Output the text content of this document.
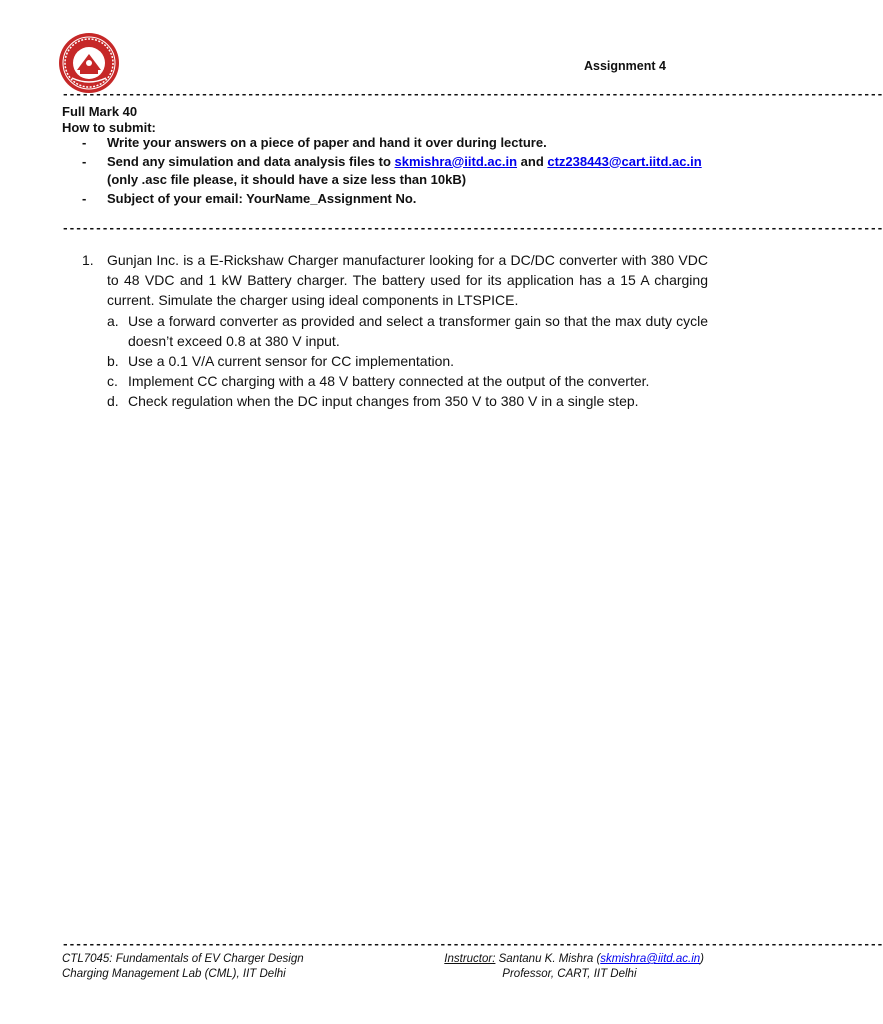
Assignment 4
----------------------------------------------------------------------------------------------------------------------------
Full Mark 40
How to submit:
- Write your answers on a piece of paper and hand it over during lecture.
- Send any simulation and data analysis files to skmishra@iitd.ac.in and ctz238443@cart.iitd.ac.in
(only .asc file please, it should have a size less than 10kB)
- Subject of your email: YourName_Assignment No.
----------------------------------------------------------------------------------------------------------------------------
1. Gunjan Inc. is a E-Rickshaw Charger manufacturer looking for a DC/DC converter with 380 VDC to 48 VDC and 1 kW Battery charger. The battery used for its application has a 15 A charging current. Simulate the charger using ideal components in LTSPICE.
a. Use a forward converter as provided and select a transformer gain so that the max duty cycle doesn’t exceed 0.8 at 380 V input.
b. Use a 0.1 V/A current sensor for CC implementation.
c. Implement CC charging with a 48 V battery connected at the output of the converter.
d. Check regulation when the DC input changes from 350 V to 380 V in a single step.
----------------------------------------------------------------------------------------------------------------------------
CTL7045: Fundamentals of EV Charger Design
Charging Management Lab (CML), IIT Delhi
Instructor: Santanu K. Mishra (skmishra@iitd.ac.in)
Professor, CART, IIT Delhi
